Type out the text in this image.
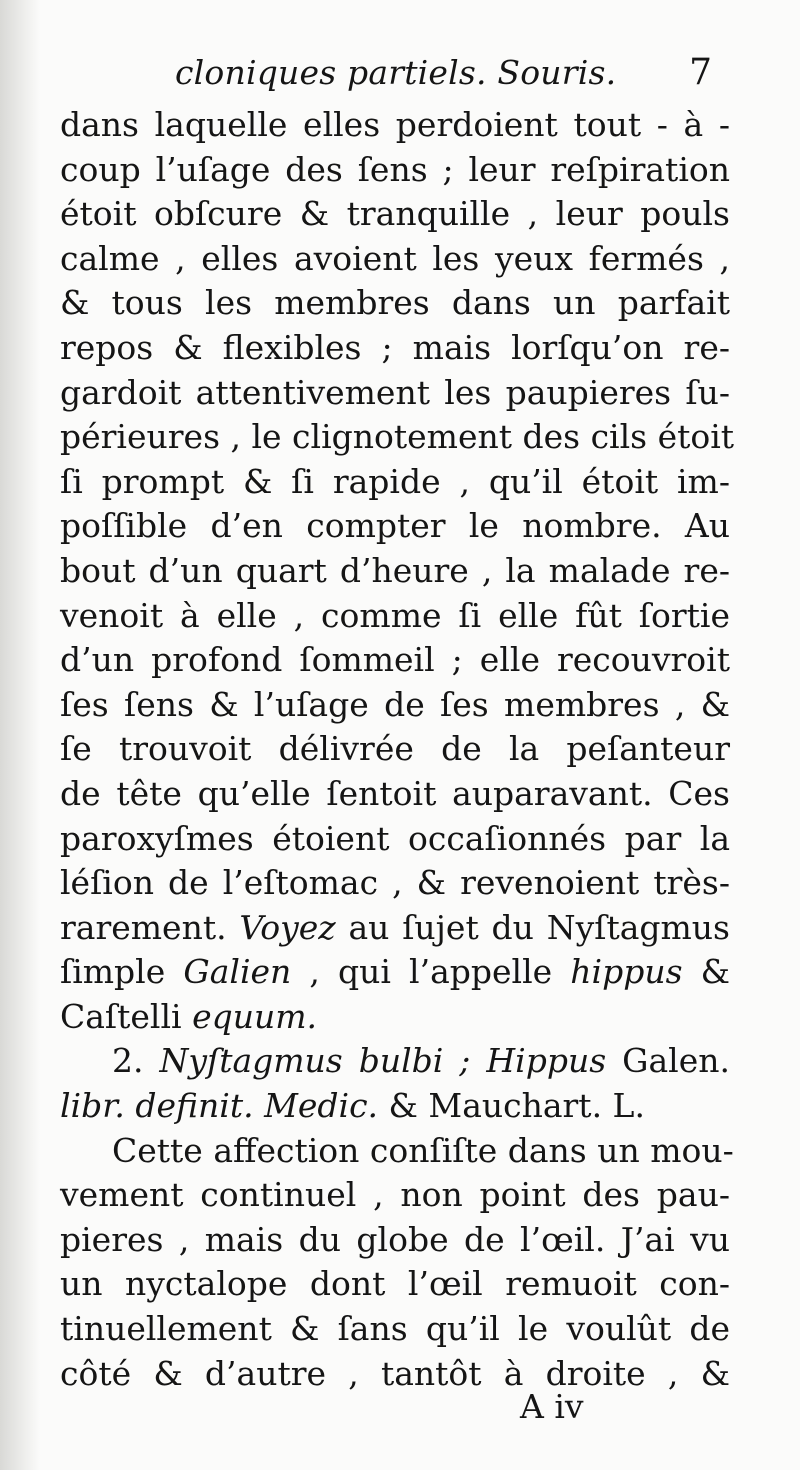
cloniques partiels. Souris. 7
dans laquelle elles perdoient tout - à -
coup l’uſage des ſens ; leur reſpiration
étoit obſcure & tranquille , leur pouls
calme , elles avoient les yeux fermés ,
& tous les membres dans un parfait
repos & flexibles ; mais lorſqu’on re-
gardoit attentivement les paupieres ſu-
périeures , le clignotement des cils étoit
ſi prompt & ſi rapide , qu’il étoit im-
poſſible d’en compter le nombre. Au
bout d’un quart d’heure , la malade re-
venoit à elle , comme ſi elle fût ſortie
d’un profond ſommeil ; elle recouvroit
ſes ſens & l’uſage de ſes membres , &
ſe trouvoit délivrée de la peſanteur
de tête qu’elle ſentoit auparavant. Ces
paroxyſmes étoient occaſionnés par la
léſion de l’eſtomac , & revenoient très-
rarement. Voyez au ſujet du Nyſtagmus
ſimple Galien , qui l’appelle hippus &
Caſtelli equum.
2. Nyſtagmus bulbi ; Hippus Galen.
libr. definit. Medic. & Mauchart. L.
Cette affection conſiſte dans un mou-
vement continuel , non point des pau-
pieres , mais du globe de l’œil. J’ai vu
un nyctalope dont l’œil remuoit con-
tinuellement & ſans qu’il le voulût de
côté & d’autre , tantôt à droite , &
A iv
